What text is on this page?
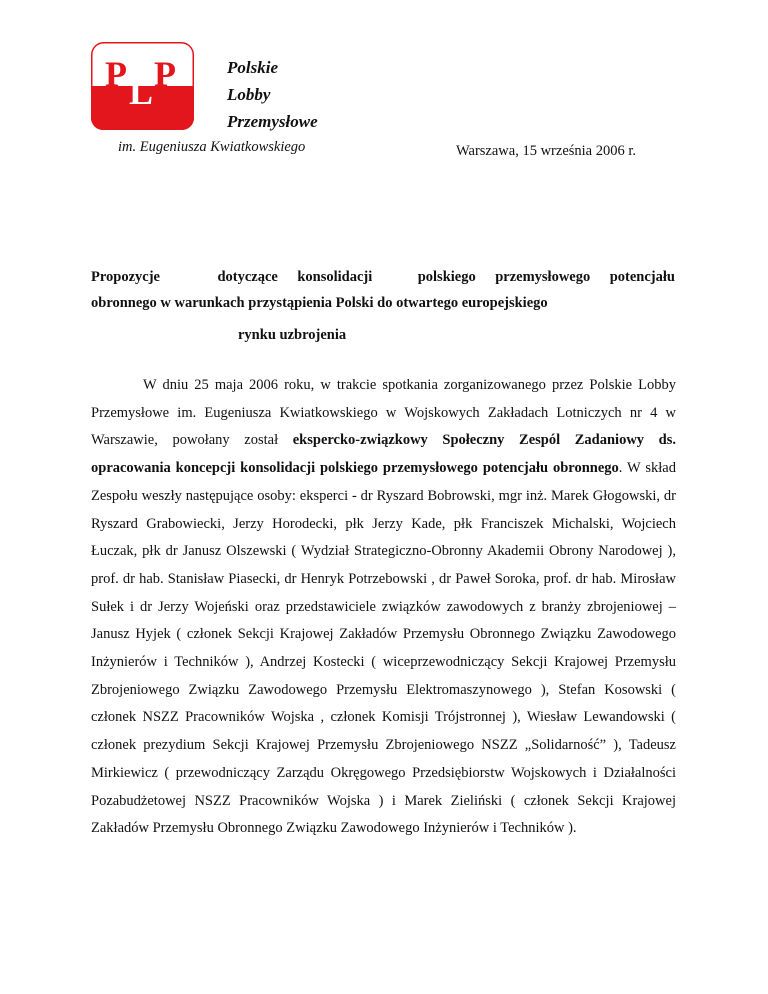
P P
L
Polskie
Lobby
Przemysłowe
im. Eugeniusza Kwiatkowskiego	Warszawa, 15 września 2006 r.
Propozycje	dotyczące konsolidacji	polskiego przemysłowego potencjału
obronnego w warunkach przystąpienia Polski do otwartego europejskiego
rynku uzbrojenia

W dniu 25 maja 2006 roku, w trakcie spotkania zorganizowanego przez Polskie Lobby Przemysłowe im. Eugeniusza Kwiatkowskiego w Wojskowych Zakładach Lotniczych nr 4 w Warszawie, powołany został ekspercko-związkowy Społeczny Zespól Zadaniowy ds. opracowania koncepcji konsolidacji polskiego przemysłowego potencjału obronnego. W skład Zespołu weszły następujące osoby: eksperci - dr Ryszard Bobrowski, mgr inż. Marek Głogowski, dr Ryszard Grabowiecki, Jerzy Horodecki, płk Jerzy Kade, płk Franciszek Michalski, Wojciech Łuczak, płk dr Janusz Olszewski ( Wydział Strategiczno-Obronny Akademii Obrony Narodowej ), prof. dr hab. Stanisław Piasecki, dr Henryk Potrzebowski , dr Paweł Soroka, prof. dr hab. Mirosław Sułek i dr Jerzy Wojeński oraz przedstawiciele związków zawodowych z branży zbrojeniowej – Janusz Hyjek ( członek Sekcji Krajowej Zakładów Przemysłu Obronnego Związku Zawodowego Inżynierów i Techników ), Andrzej Kostecki ( wiceprzewodniczący Sekcji Krajowej Przemysłu Zbrojeniowego Związku Zawodowego Przemysłu Elektromaszynowego ), Stefan Kosowski ( członek NSZZ Pracowników Wojska , członek Komisji Trójstronnej ), Wiesław Lewandowski ( członek prezydium Sekcji Krajowej Przemysłu Zbrojeniowego NSZZ „Solidarność” ), Tadeusz Mirkiewicz ( przewodniczący Zarządu Okręgowego Przedsiębiorstw Wojskowych i Działalności Pozabudżetowej NSZZ Pracowników Wojska ) i Marek Zieliński ( członek Sekcji Krajowej Zakładów Przemysłu Obronnego Związku Zawodowego Inżynierów i Techników ).
